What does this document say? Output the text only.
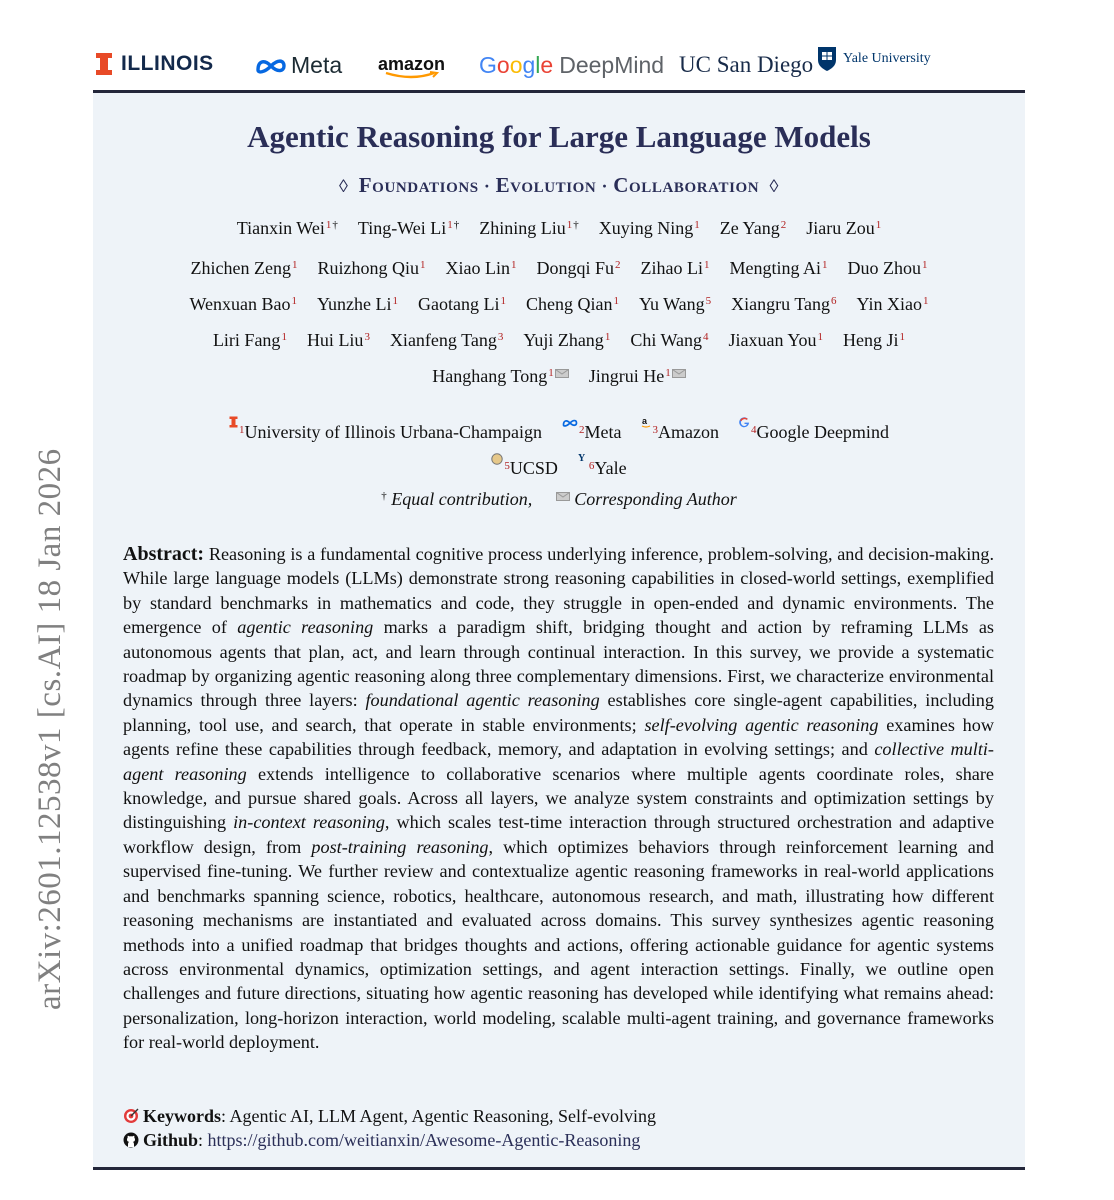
ILLINOIS	Meta amazon Google DeepMind UC San Diego Yale University
arXiv:2601.12538v1 [cs.AI] 18 Jan 2026
Agentic Reasoning for Large Language Models
◊ Foundations · Evolution · Collaboration ◊
Tianxin Wei$^{1\dagger}$ Ting-Wei $Li^{1\dagger}$ Zhining Liu$^{1\dagger}$ Xuying Ning$^1$ Ze Yang$^2$ Jiaru Zou$^1$
Zhichen Zeng$^1$ Ruizhong Qiu$^1$ Xiao Lin$^1$ Dongqi Fu$^2$ Zihao Li$^1$ Mengting Ai$^1$ Duo Zhou$^1$
Wenxuan Bao$^1$ Yunzhe Li$^1$ Gaotang Li$^1$ Cheng Qian$^1$ Yu Wang$^5$ Xiangru Tang$^6$ Yin Xiao$^1$
Liri Fang$^1$ Hui Liu$^3$ Xianfeng Tang$^3$ Yuji Zhang$^1$ Chi Wang$^4$ Jiaxuan You$^1$ Heng Ji$^1$
Hanghang Tong$^1$ Jingrui He$^1$
$^1$University of Illinois Urbana-Champaign	$^2$Meta
a
$^3$Amazon	$^4$Google Deepmind
$^5$UCSD Y
$^6$Yale
† Equal contribution, Corresponding Author
Abstract: Reasoning is a fundamental cognitive process underlying inference, problem-solving, and decision-making. While large language models (LLMs) demonstrate strong reasoning capabilities in closed-world settings, exemplified by standard benchmarks in mathematics and code, they struggle in open-ended and dynamic environments. The emergence of agentic reasoning marks a paradigm shift, bridging thought and action by reframing LLMs as autonomous agents that plan, act, and learn through continual interaction. In this survey, we provide a systematic roadmap by organizing agentic reasoning along three complementary dimensions. First, we characterize environmental dynamics through three layers: foundational agentic reasoning establishes core single-agent capabilities, including planning, tool use, and search, that operate in stable environments; self-evolving agentic reasoning examines how agents refine these capabilities through feedback, memory, and adaptation in evolving settings; and collective multi-agent reasoning extends intelligence to collaborative scenarios where multiple agents coordinate roles, share knowledge, and pursue shared goals. Across all layers, we analyze system constraints and optimization settings by distinguishing in-context reasoning, which scales test-time interaction through structured orchestration and adaptive workflow design, from post-training reasoning, which optimizes behaviors through reinforcement learning and supervised fine-tuning. We further review and contextualize agentic reasoning frameworks in real-world applications and benchmarks spanning science, robotics, healthcare, autonomous research, and math, illustrating how different reasoning mechanisms are instantiated and evaluated across domains. This survey synthesizes agentic reasoning methods into a unified roadmap that bridges thoughts and actions, offering actionable guidance for agentic systems across environmental dynamics, optimization settings, and agent interaction settings. Finally, we outline open challenges and future directions, situating how agentic reasoning has developed while identifying what remains ahead: personalization, long-horizon interaction, world modeling, scalable multi-agent training, and governance frameworks for real-world deployment.
Keywords: Agentic AI, LLM Agent, Agentic Reasoning, Self-evolving
Github: https://github.com/weitianxin/Awesome-Agentic-Reasoning
